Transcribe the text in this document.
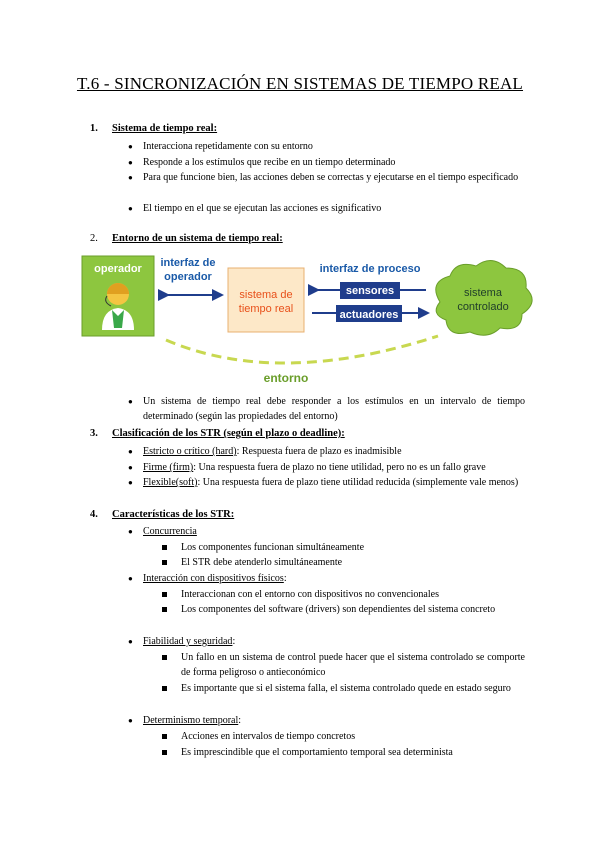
T.6 - SINCRONIZACIÓN EN SISTEMAS DE TIEMPO REAL
1. Sistema de tiempo real:
● Interacciona repetidamente con su entorno
● Responde a los estímulos que recibe en un tiempo determinado
● Para que funcione bien, las acciones deben se correctas y ejecutarse en el tiempo especificado
● El tiempo en el que se ejecutan las acciones es significativo
2. Entorno de un sistema de tiempo real:
operador interfaz de
operador
sistema de
tiempo real
interfaz de proceso
sensores
actuadores
sistema
controlado
entorno
● Un sistema de tiempo real debe responder a los estímulos en un intervalo de tiempo determinado (según las propiedades del entorno)
3. Clasificación de los STR (según el plazo o deadline):
● Estricto o crítico (hard): Respuesta fuera de plazo es inadmisible
● Firme (firm): Una respuesta fuera de plazo no tiene utilidad, pero no es un fallo grave
● Flexible(soft): Una respuesta fuera de plazo tiene utilidad reducida (simplemente vale menos)
4. Características de los STR:
● Concurrencia
Los componentes funcionan simultáneamente
El STR debe atenderlo simultáneamente
● Interacción con dispositivos físicos:
Interaccionan con el entorno con dispositivos no convencionales
Los componentes del software (drivers) son dependientes del sistema concreto
● Fiabilidad y seguridad:
Un fallo en un sistema de control puede hacer que el sistema controlado se comporte de forma peligroso o antieconómico
Es importante que si el sistema falla, el sistema controlado quede en estado seguro
● Determinismo temporal:
Acciones en intervalos de tiempo concretos
Es imprescindible que el comportamiento temporal sea determinista
